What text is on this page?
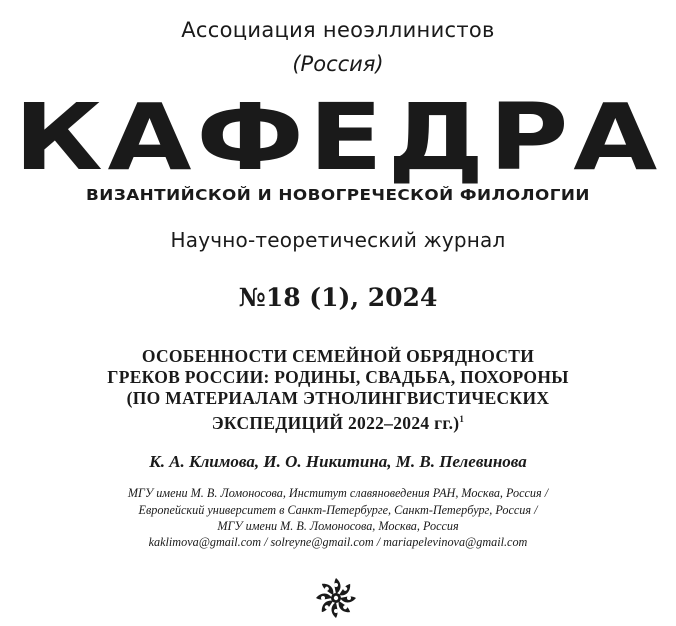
Ассоциация неоэллинистов
(Россия)
КАФЕДРА
ВИЗАНТИЙСКОЙ И НОВОГРЕЧЕСКОЙ ФИЛОЛОГИИ
Научно-теоретический журнал
№18 (1), 2024
ОСОБЕННОСТИ СЕМЕЙНОЙ ОБРЯДНОСТИ
ГРЕКОВ РОССИИ: РОДИНЫ, СВАДЬБА, ПОХОРОНЫ
(ПО МАТЕРИАЛАМ ЭТНОЛИНГВИСТИЧЕСКИХ
ЭКСПЕДИЦИЙ 2022–2024 гг.)$^1$
К. А. Климова, И. О. Никитина, М. В. Пелевинова
МГУ имени М. В. Ломоносова, Институт славяноведения РАН, Москва, Россия /
Европейский университет в Санкт-Петербурге, Санкт-Петербург, Россия /
МГУ имени М. В. Ломоносова, Москва, Россия
kaklimova@gmail.com / solreyne@gmail.com / mariapelevinova@gmail.com
